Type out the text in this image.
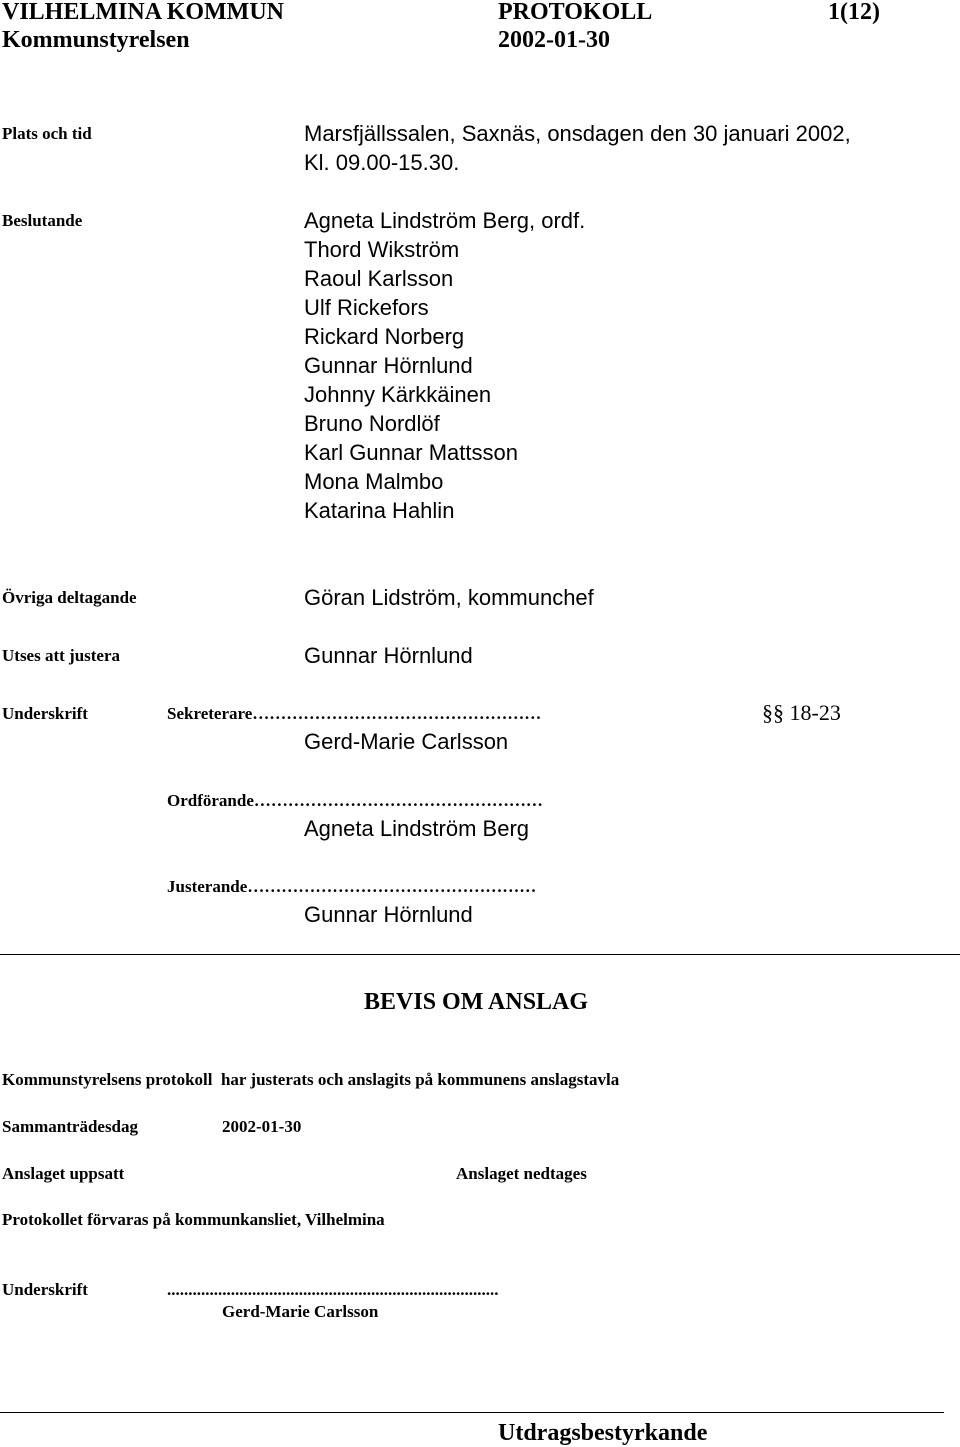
VILHELMINA KOMMUN	PROTOKOLL	1(12)
Kommunstyrelsen	2002-01-30
Plats och tid	Marsfjällssalen, Saxnäs, onsdagen den 30 januari 2002,
Kl. 09.00-15.30.
Beslutande	Agneta Lindström Berg, ordf.
Thord Wikström
Raoul Karlsson
Ulf Rickefors
Rickard Norberg
Gunnar Hörnlund
Johnny Kärkkäinen
Bruno Nordlöf
Karl Gunnar Mattsson
Mona Malmbo
Katarina Hahlin
Övriga deltagande	Göran Lidström, kommunchef
Utses att justera	Gunnar Hörnlund
Underskrift	Sekreterare……………………………………………	§§ 18-23
Gerd-Marie Carlsson
Ordförande……………………………………………
Agneta Lindström Berg
Justerande……………………………………………
Gunnar Hörnlund
BEVIS OM ANSLAG
Kommunstyrelsens protokoll  har justerats och anslagits på kommunens anslagstavla
Sammanträdesdag	2002-01-30
Anslaget uppsatt	Anslaget nedtages
Protokollet förvaras på kommunkansliet, Vilhelmina
Underskrift	..............................................................................
Gerd-Marie Carlsson
Utdragsbestyrkande
